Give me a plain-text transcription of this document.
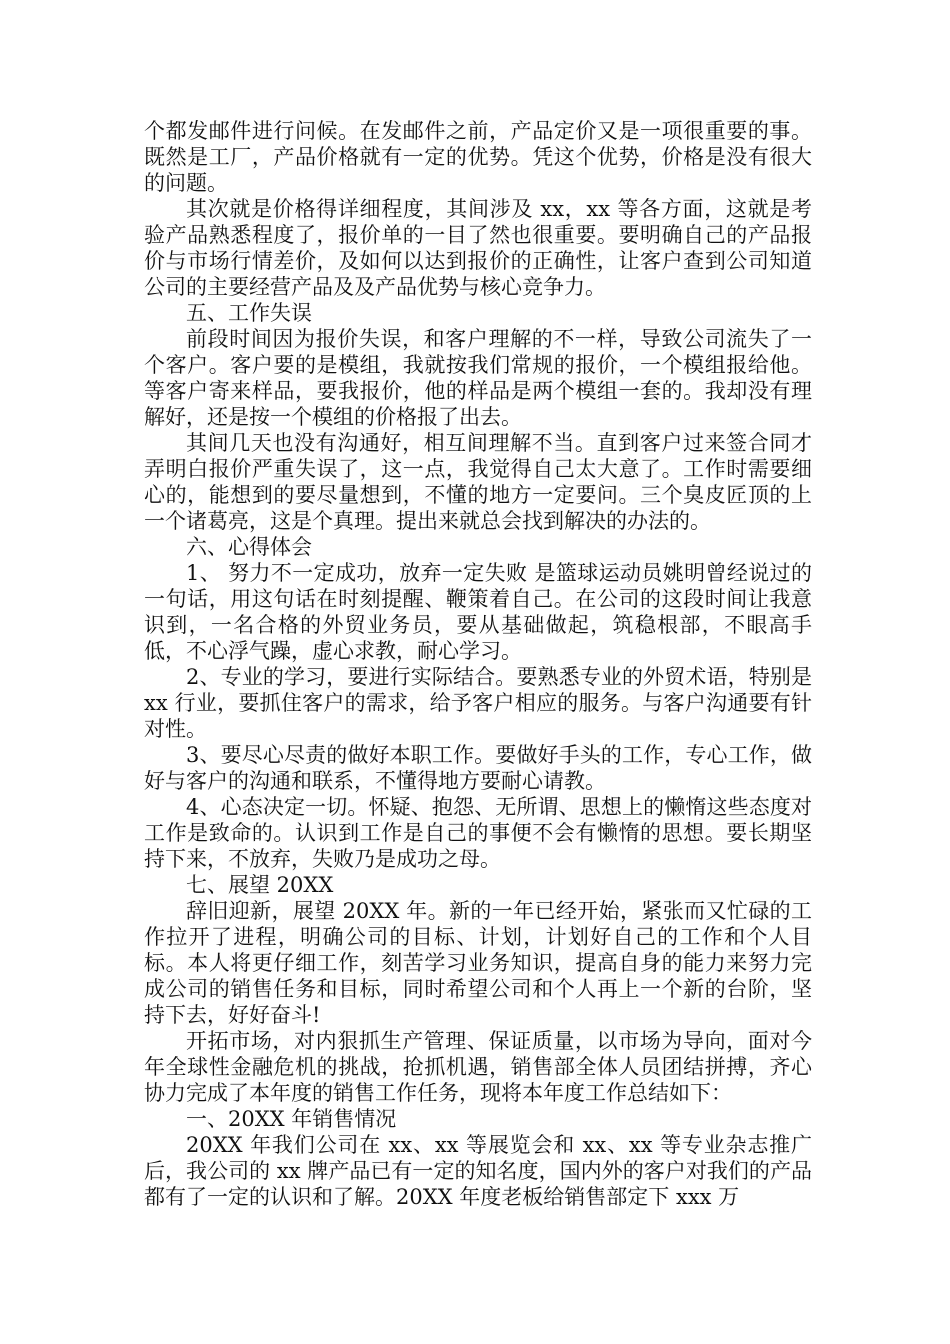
个都发邮件进行问候。在发邮件之前，产品定价又是一项很重要的事。既然是工厂，产品价格就有一定的优势。凭这个优势，价格是没有很大的问题。

其次就是价格得详细程度，其间涉及 xx，xx 等各方面，这就是考验产品熟悉程度了，报价单的一目了然也很重要。要明确自己的产品报价与市场行情差价，及如何以达到报价的正确性，让客户查到公司知道公司的主要经营产品及及产品优势与核心竞争力。

五、工作失误

前段时间因为报价失误，和客户理解的不一样，导致公司流失了一个客户。客户要的是模组，我就按我们常规的报价，一个模组报给他。等客户寄来样品，要我报价，他的样品是两个模组一套的。我却没有理解好，还是按一个模组的价格报了出去。

其间几天也没有沟通好，相互间理解不当。直到客户过来签合同才弄明白报价严重失误了，这一点，我觉得自己太大意了。工作时需要细心的，能想到的要尽量想到，不懂的地方一定要问。三个臭皮匠顶的上一个诸葛亮，这是个真理。提出来就总会找到解决的办法的。

六、心得体会

1、 努力不一定成功，放弃一定失败 是篮球运动员姚明曾经说过的一句话，用这句话在时刻提醒、鞭策着自己。在公司的这段时间让我意识到，一名合格的外贸业务员，要从基础做起，筑稳根部，不眼高手低，不心浮气躁，虚心求教，耐心学习。

2、专业的学习，要进行实际结合。要熟悉专业的外贸术语，特别是 xx 行业，要抓住客户的需求，给予客户相应的服务。与客户沟通要有针对性。

3、要尽心尽责的做好本职工作。要做好手头的工作，专心工作，做好与客户的沟通和联系，不懂得地方要耐心请教。

4、心态决定一切。怀疑、抱怨、无所谓、思想上的懒惰这些态度对工作是致命的。认识到工作是自己的事便不会有懒惰的思想。要长期坚持下来，不放弃，失败乃是成功之母。

七、展望 20XX

辞旧迎新，展望 20XX 年。新的一年已经开始，紧张而又忙碌的工作拉开了进程，明确公司的目标、计划，计划好自己的工作和个人目标。本人将更仔细工作，刻苦学习业务知识，提高自身的能力来努力完成公司的销售任务和目标，同时希望公司和个人再上一个新的台阶，坚持下去，好好奋斗!

开拓市场，对内狠抓生产管理、保证质量，以市场为导向，面对今年全球性金融危机的挑战，抢抓机遇，销售部全体人员团结拼搏，齐心协力完成了本年度的销售工作任务，现将本年度工作总结如下：

一、20XX 年销售情况

20XX 年我们公司在 xx、xx 等展览会和 xx、xx 等专业杂志推广后，我公司的 xx 牌产品已有一定的知名度，国内外的客户对我们的产品都有了一定的认识和了解。20XX 年度老板给销售部定下 xxx 万
